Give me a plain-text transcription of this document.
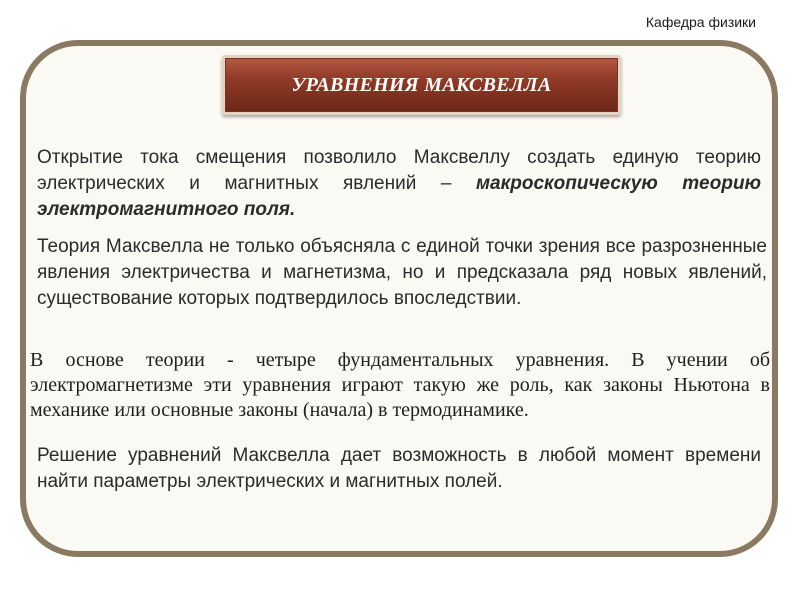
Кафедра физики
УРАВНЕНИЯ МАКСВЕЛЛА

Открытие тока смещения позволило Максвеллу создать единую теорию электрических и магнитных явлений – макроскопическую теорию электромагнитного поля.

Теория Максвелла не только объясняла с единой точки зрения все разрозненные явления электричества и магнетизма, но и предсказала ряд новых явлений, существование которых подтвердилось впоследствии.

В основе теории - четыре фундаментальных уравнения. В учении об электромагнетизме эти уравнения играют такую же роль, как законы Ньютона в механике или основные законы (начала) в термодинамике.

Решение уравнений Максвелла дает возможность в любой момент времени найти параметры электрических и магнитных полей.
